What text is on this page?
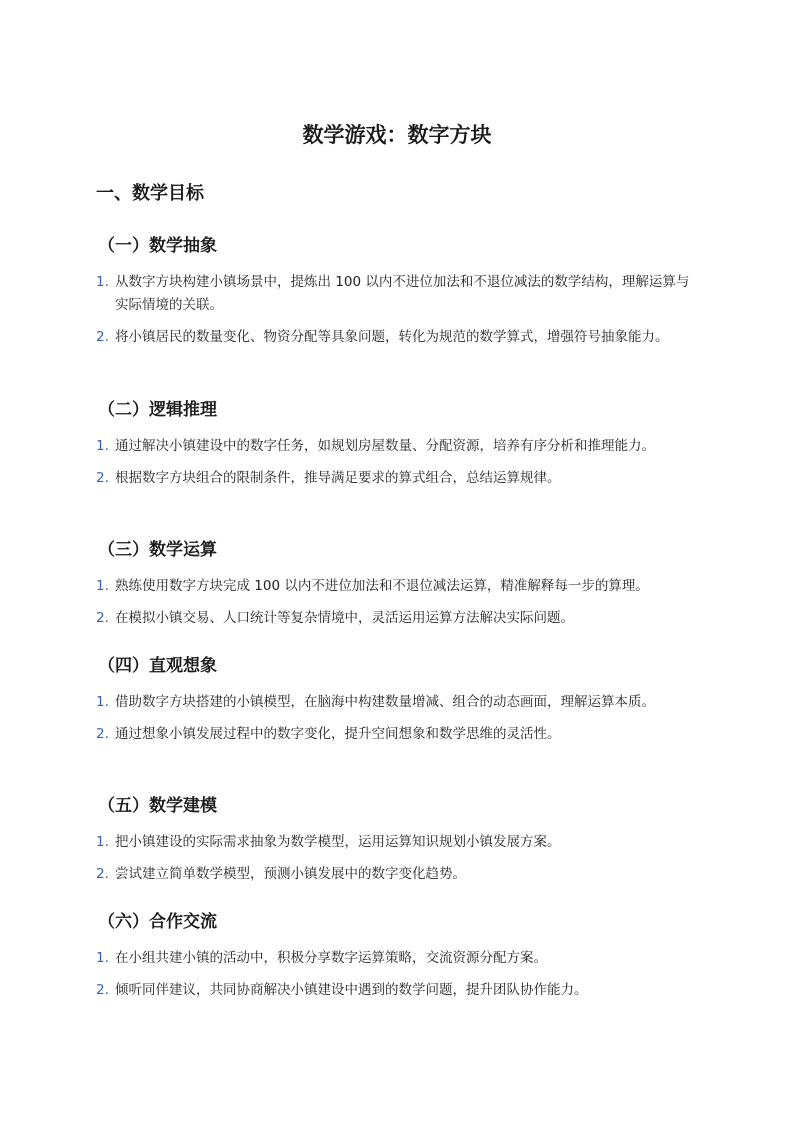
数学游戏：数字方块
一、数学目标
（一）数学抽象
1. 从数字方块构建小镇场景中，提炼出 100 以内不进位加法和不退位减法的数学结构，理解运算与实际情境的关联。
2. 将小镇居民的数量变化、物资分配等具象问题，转化为规范的数学算式，增强符号抽象能力。
（二）逻辑推理
1. 通过解决小镇建设中的数字任务，如规划房屋数量、分配资源，培养有序分析和推理能力。
2. 根据数字方块组合的限制条件，推导满足要求的算式组合，总结运算规律。
（三）数学运算
1. 熟练使用数字方块完成 100 以内不进位加法和不退位减法运算，精准解释每一步的算理。
2. 在模拟小镇交易、人口统计等复杂情境中，灵活运用运算方法解决实际问题。
（四）直观想象
1. 借助数字方块搭建的小镇模型，在脑海中构建数量增减、组合的动态画面，理解运算本质。
2. 通过想象小镇发展过程中的数字变化，提升空间想象和数学思维的灵活性。
（五）数学建模
1. 把小镇建设的实际需求抽象为数学模型，运用运算知识规划小镇发展方案。
2. 尝试建立简单数学模型，预测小镇发展中的数字变化趋势。
（六）合作交流
1. 在小组共建小镇的活动中，积极分享数字运算策略，交流资源分配方案。
2. 倾听同伴建议，共同协商解决小镇建设中遇到的数学问题，提升团队协作能力。
